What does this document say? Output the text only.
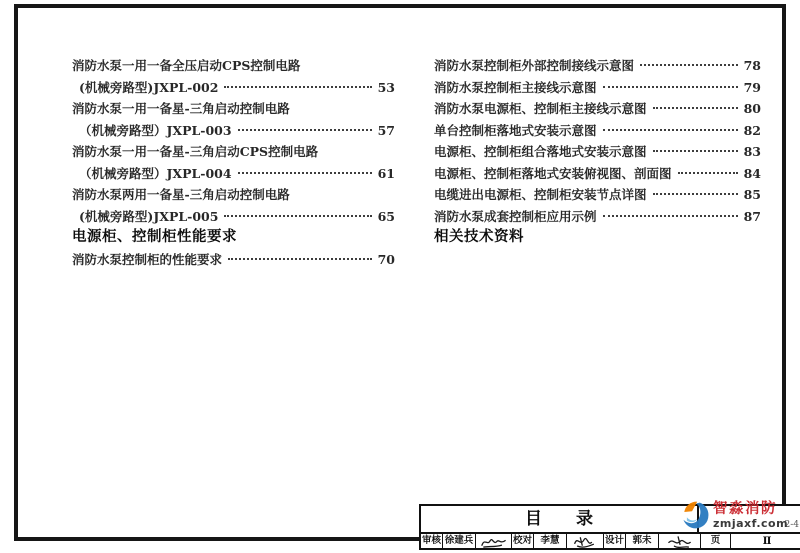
消防水泵一用一备全压启动CPS控制电路
(机械旁路型)JXPL-002	53
消防水泵一用一备星-三角启动控制电路
（机械旁路型）JXPL-003	57
消防水泵一用一备星-三角启动CPS控制电路
（机械旁路型）JXPL-004	61
消防水泵两用一备星-三角启动控制电路
(机械旁路型)JXPL-005	65
电源柜、控制柜性能要求
消防水泵控制柜的性能要求	70
消防水泵控制柜外部控制接线示意图	78
消防水泵控制柜主接线示意图	79
消防水泵电源柜、控制柜主接线示意图	80
单台控制柜落地式安装示意图	82
电源柜、控制柜组合落地式安装示意图	83
电源柜、控制柜落地式安装俯视图、剖面图	84
电缆进出电源柜、控制柜安装节点详图	85
消防水泵成套控制柜应用示例	87
相关技术资料
目　　录	2-4
审核 徐建兵	校对 李慧	设计 郭未	页	Ⅱ
智淼消防
zmjaxf.com
